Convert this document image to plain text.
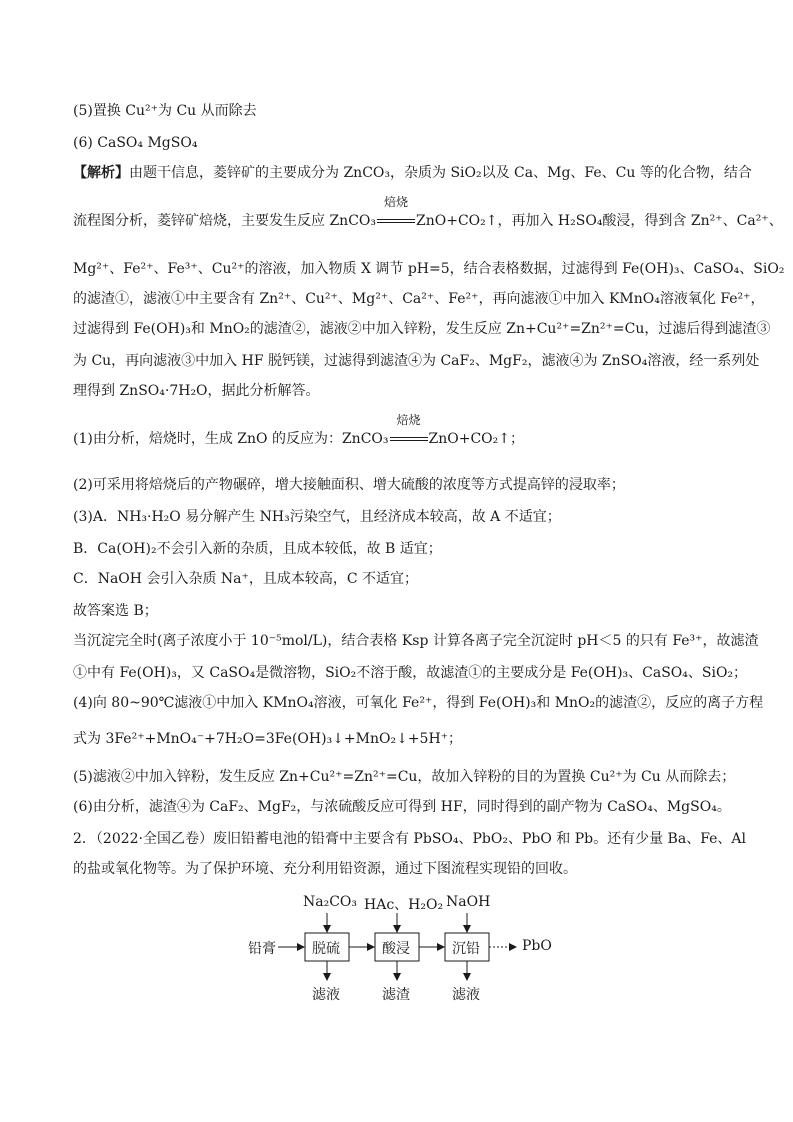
(5)置换 Cu²⁺为 Cu 从而除去
(6) CaSO₄ MgSO₄
【解析】由题干信息，菱锌矿的主要成分为 ZnCO₃，杂质为 SiO₂以及 Ca、Mg、Fe、Cu 等的化合物，结合
流程图分析，菱锌矿焙烧，主要发生反应 ZnCO₃
焙烧
ZnO+CO₂↑，再加入 H₂SO₄酸浸，得到含 Zn²⁺、Ca²⁺、
Mg²⁺、Fe²⁺、Fe³⁺、Cu²⁺的溶液，加入物质 X 调节 pH=5，结合表格数据，过滤得到 Fe(OH)₃、CaSO₄、SiO₂
的滤渣①，滤液①中主要含有 Zn²⁺、Cu²⁺、Mg²⁺、Ca²⁺、Fe²⁺，再向滤液①中加入 KMnO₄溶液氧化 Fe²⁺，
过滤得到 Fe(OH)₃和 MnO₂的滤渣②，滤液②中加入锌粉，发生反应 Zn+Cu²⁺=Zn²⁺=Cu，过滤后得到滤渣③
为 Cu，再向滤液③中加入 HF 脱钙镁，过滤得到滤渣④为 CaF₂、MgF₂，滤液④为 ZnSO₄溶液，经一系列处
理得到 ZnSO₄·7H₂O，据此分析解答。
(1)由分析，焙烧时，生成 ZnO 的反应为：ZnCO₃
焙烧
ZnO+CO₂↑；
(2)可采用将焙烧后的产物碾碎，增大接触面积、增大硫酸的浓度等方式提高锌的浸取率；
(3)A．NH₃·H₂O 易分解产生 NH₃污染空气，且经济成本较高，故 A 不适宜；
B．Ca(OH)₂不会引入新的杂质，且成本较低，故 B 适宜；
C．NaOH 会引入杂质 Na⁺，且成本较高，C 不适宜；
故答案选 B；
当沉淀完全时(离子浓度小于 10⁻⁵mol/L)，结合表格 Ksp 计算各离子完全沉淀时 pH＜5 的只有 Fe³⁺，故滤渣
①中有 Fe(OH)₃，又 CaSO₄是微溶物，SiO₂不溶于酸，故滤渣①的主要成分是 Fe(OH)₃、CaSO₄、SiO₂；
(4)向 80~90℃滤液①中加入 KMnO₄溶液，可氧化 Fe²⁺，得到 Fe(OH)₃和 MnO₂的滤渣②，反应的离子方程
式为 3Fe²⁺+MnO₄⁻+7H₂O=3Fe(OH)₃↓+MnO₂↓+5H⁺；
(5)滤液②中加入锌粉，发生反应 Zn+Cu²⁺=Zn²⁺=Cu，故加入锌粉的目的为置换 Cu²⁺为 Cu 从而除去；
(6)由分析，滤渣④为 CaF₂、MgF₂，与浓硫酸反应可得到 HF，同时得到的副产物为 CaSO₄、MgSO₄。
2．（2022·全国乙卷）废旧铅蓄电池的铅膏中主要含有 PbSO₄、PbO₂、PbO 和 Pb。还有少量 Ba、Fe、Al
的盐或氧化物等。为了保护环境、充分利用铅资源，通过下图流程实现铅的回收。
Na₂CO₃ HAc、H₂O₂ NaOH
铅膏	脱硫	酸浸	沉铅	PbO
滤液	滤渣	滤液
